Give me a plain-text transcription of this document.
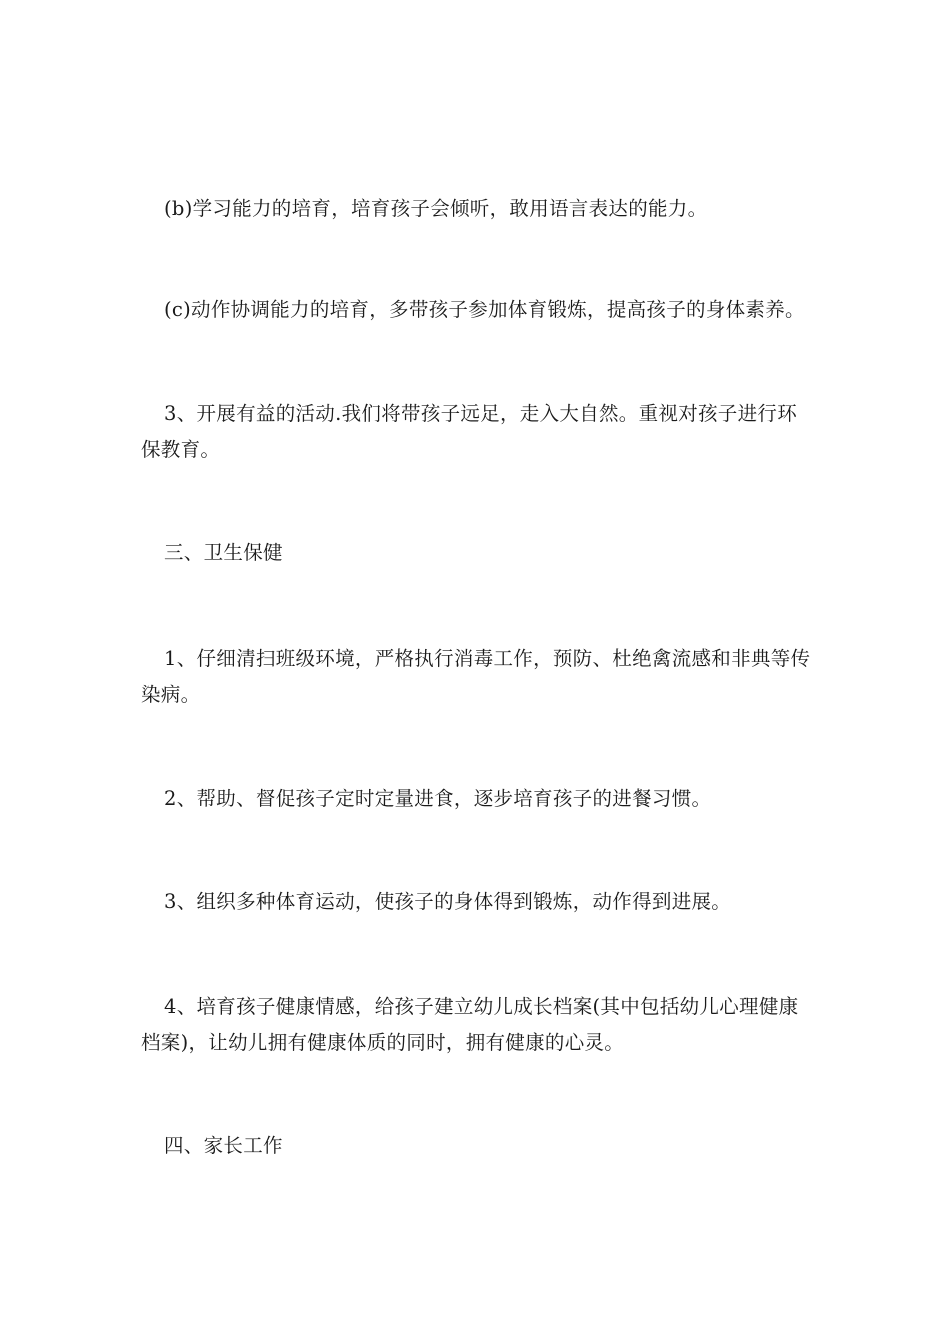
(b)学习能力的培育，培育孩子会倾听，敢用语言表达的能力。

(c)动作协调能力的培育，多带孩子参加体育锻炼，提高孩子的身体素养。

3、开展有益的活动.我们将带孩子远足，走入大自然。重视对孩子进行环保教育。

三、卫生保健

1、仔细清扫班级环境，严格执行消毒工作，预防、杜绝禽流感和非典等传染病。

2、帮助、督促孩子定时定量进食，逐步培育孩子的进餐习惯。

3、组织多种体育运动，使孩子的身体得到锻炼，动作得到进展。

4、培育孩子健康情感，给孩子建立幼儿成长档案(其中包括幼儿心理健康档案)，让幼儿拥有健康体质的同时，拥有健康的心灵。

四、家长工作
